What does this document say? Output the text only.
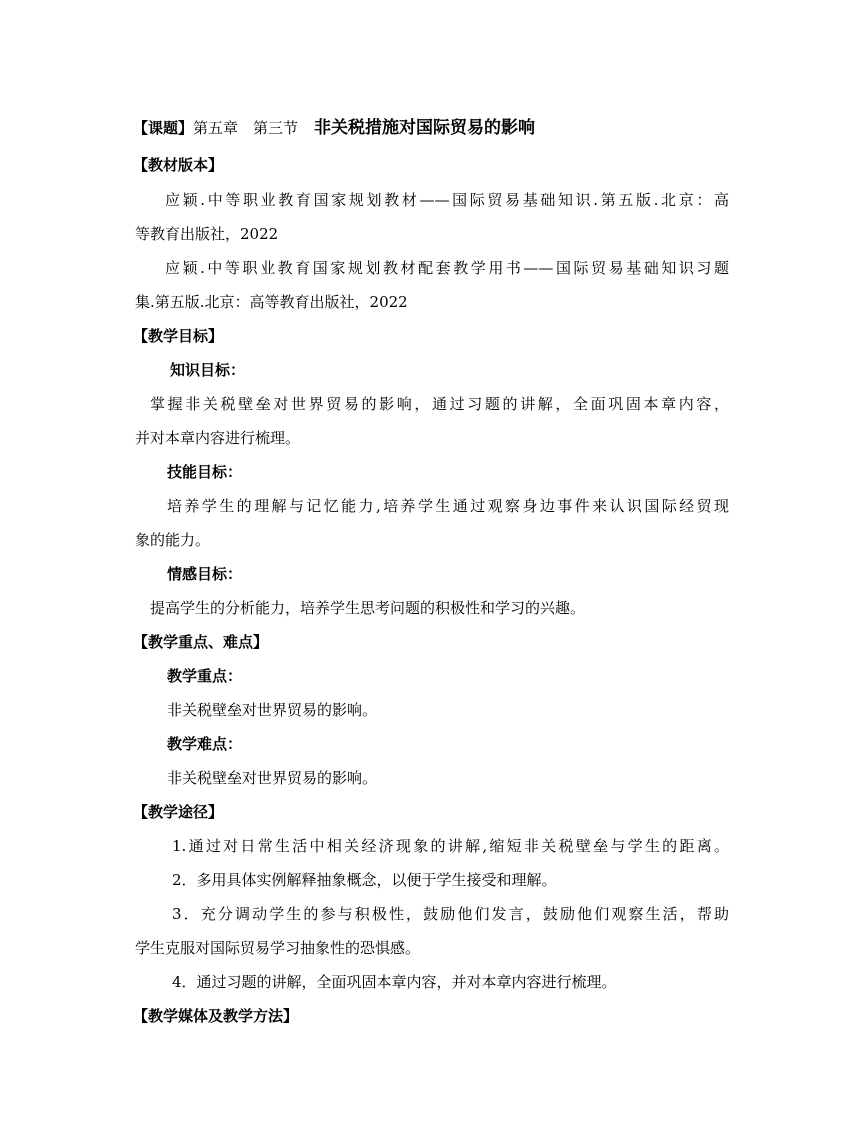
【课题】第五章　第三节 非关税措施对国际贸易的影响
【教材版本】
应颖.中等职业教育国家规划教材——国际贸易基础知识.第五版.北京：高
等教育出版社，2022
应颖.中等职业教育国家规划教材配套教学用书——国际贸易基础知识习题
集.第五版.北京：高等教育出版社，2022
【教学目标】
知识目标：
掌握非关税壁垒对世界贸易的影响，通过习题的讲解，全面巩固本章内容，
并对本章内容进行梳理。
技能目标：
培养学生的理解与记忆能力,培养学生通过观察身边事件来认识国际经贸现
象的能力。
情感目标：
提高学生的分析能力，培养学生思考问题的积极性和学习的兴趣。
【教学重点、难点】
教学重点：
非关税壁垒对世界贸易的影响。
教学难点：
非关税壁垒对世界贸易的影响。
【教学途径】
1.通过对日常生活中相关经济现象的讲解,缩短非关税壁垒与学生的距离。
2．多用具体实例解释抽象概念，以便于学生接受和理解。
3．充分调动学生的参与积极性，鼓励他们发言，鼓励他们观察生活，帮助
学生克服对国际贸易学习抽象性的恐惧感。
4．通过习题的讲解，全面巩固本章内容，并对本章内容进行梳理。
【教学媒体及教学方法】
